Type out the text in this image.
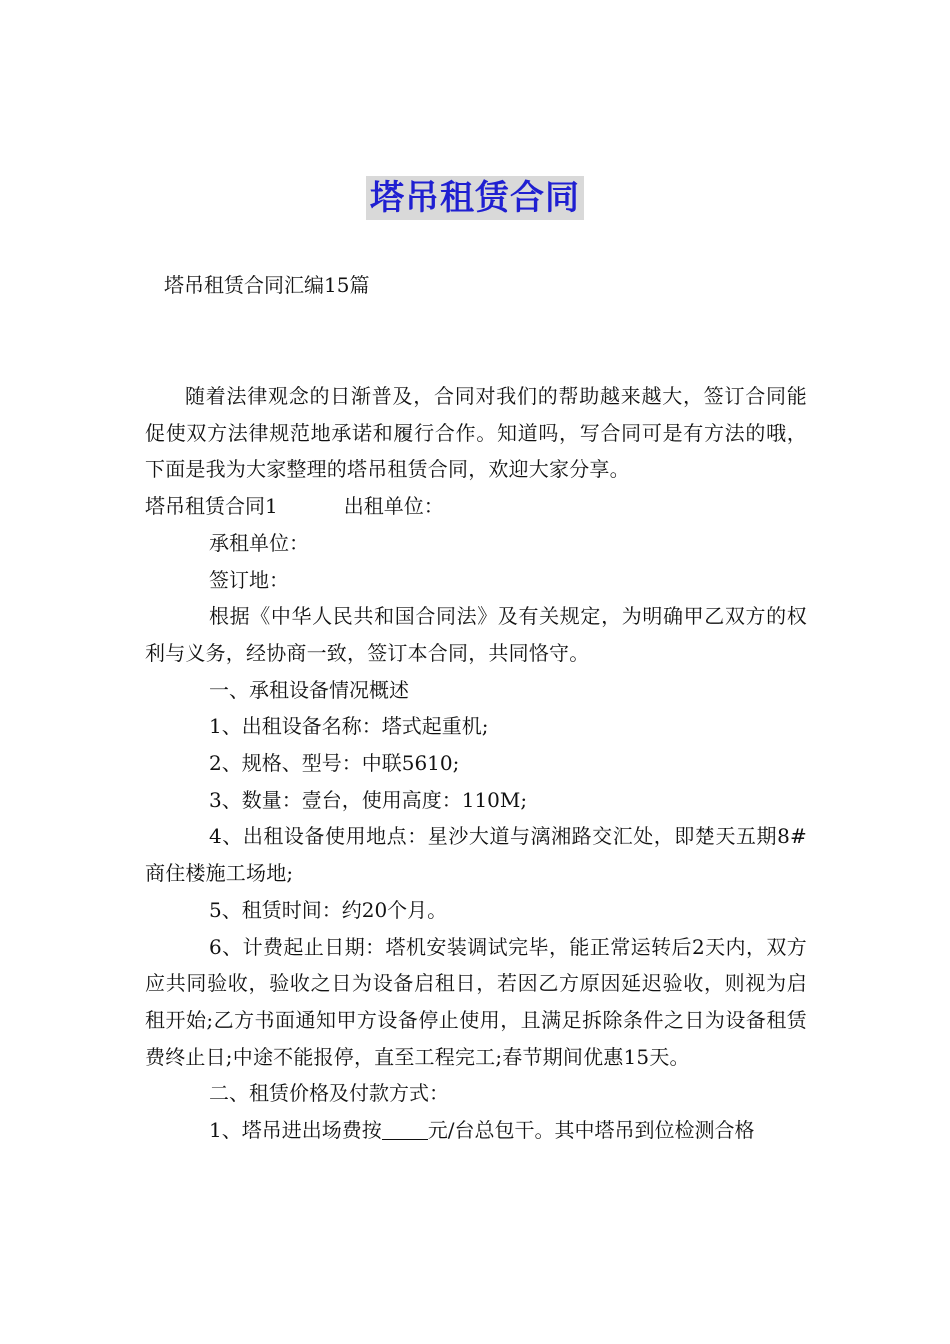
塔吊租赁合同
塔吊租赁合同汇编15篇

随着法律观念的日渐普及，合同对我们的帮助越来越大，签订合同能促使双方法律规范地承诺和履行合作。知道吗，写合同可是有方法的哦，下面是我为大家整理的塔吊租赁合同，欢迎大家分享。

塔吊租赁合同1	出租单位：

承租单位：

签订地：

根据《中华人民共和国合同法》及有关规定，为明确甲乙双方的权利与义务，经协商一致，签订本合同，共同恪守。

一、承租设备情况概述

1、出租设备名称：塔式起重机;

2、规格、型号：中联5610;

3、数量：壹台，使用高度：110M;

4、出租设备使用地点：星沙大道与漓湘路交汇处，即楚天五期8#商住楼施工场地;

5、租赁时间：约20个月。

6、计费起止日期：塔机安装调试完毕，能正常运转后2天内，双方应共同验收，验收之日为设备启租日，若因乙方原因延迟验收，则视为启租开始;乙方书面通知甲方设备停止使用，且满足拆除条件之日为设备租赁费终止日;中途不能报停，直至工程完工;春节期间优惠15天。

二、租赁价格及付款方式：

1、塔吊进出场费按 元/台总包干。其中塔吊到位检测合格
